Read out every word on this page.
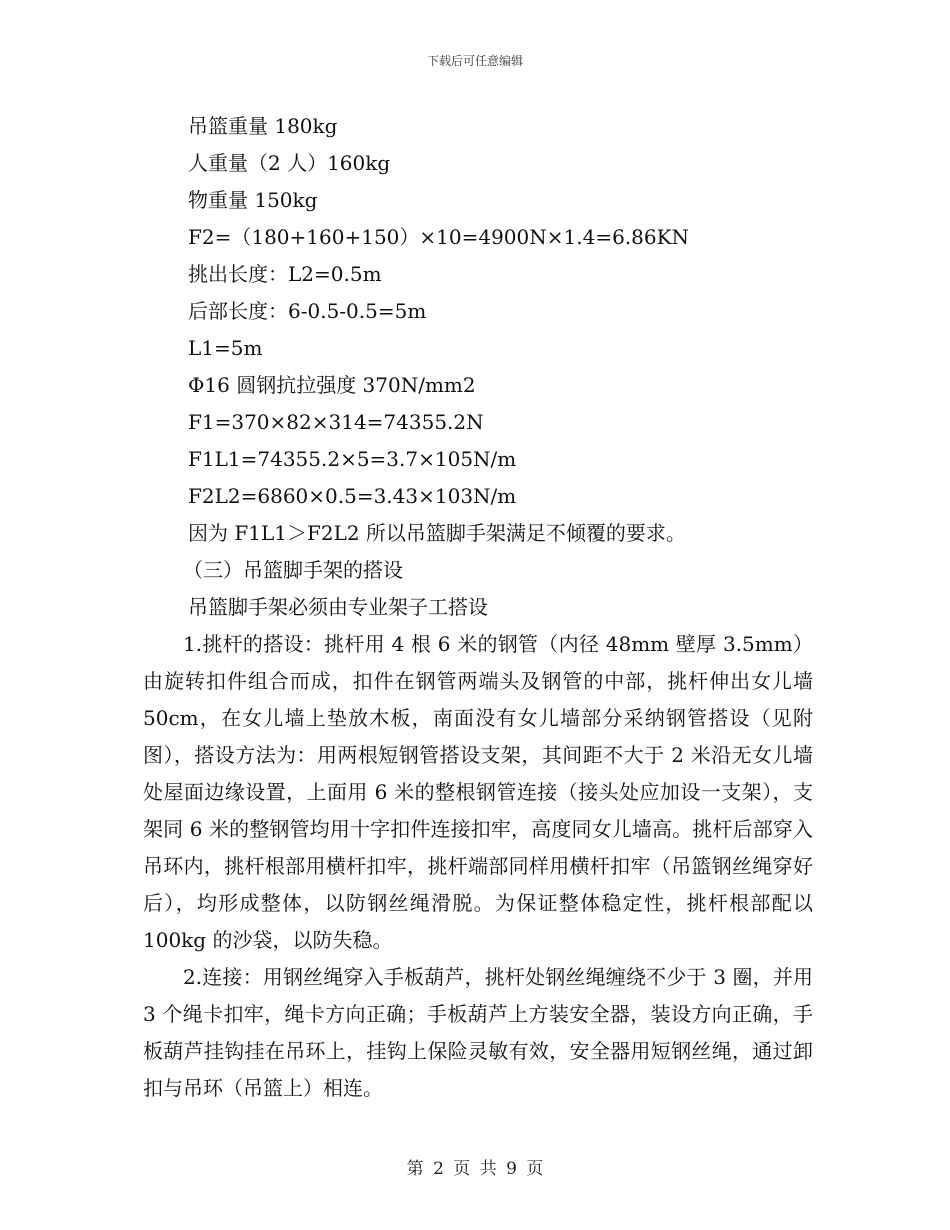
下载后可任意编辑
吊篮重量 180kg
人重量（2 人）160kg
物重量 150kg
F2=（180+160+150）×10=4900N×1.4=6.86KN
挑出长度：L2=0.5m
后部长度：6-0.5-0.5=5m
L1=5m
Φ16 圆钢抗拉强度 370N/mm2
F1=370×82×314=74355.2N
F1L1=74355.2×5=3.7×105N/m
F2L2=6860×0.5=3.43×103N/m
因为 F1L1＞F2L2 所以吊篮脚手架满足不倾覆的要求。
（三）吊篮脚手架的搭设
吊篮脚手架必须由专业架子工搭设

1.挑杆的搭设：挑杆用 4 根 6 米的钢管（内径 48mm 壁厚 3.5mm）由旋转扣件组合而成，扣件在钢管两端头及钢管的中部，挑杆伸出女儿墙 50cm，在女儿墙上垫放木板，南面没有女儿墙部分采纳钢管搭设（见附图），搭设方法为：用两根短钢管搭设支架，其间距不大于 2 米沿无女儿墙处屋面边缘设置，上面用 6 米的整根钢管连接（接头处应加设一支架），支架同 6 米的整钢管均用十字扣件连接扣牢，高度同女儿墙高。挑杆后部穿入吊环内，挑杆根部用横杆扣牢，挑杆端部同样用横杆扣牢（吊篮钢丝绳穿好后），均形成整体，以防钢丝绳滑脱。为保证整体稳定性，挑杆根部配以 100kg 的沙袋，以防失稳。

2.连接：用钢丝绳穿入手板葫芦，挑杆处钢丝绳缠绕不少于 3 圈，并用 3 个绳卡扣牢，绳卡方向正确；手板葫芦上方装安全器，装设方向正确，手板葫芦挂钩挂在吊环上，挂钩上保险灵敏有效，安全器用短钢丝绳，通过卸扣与吊环（吊篮上）相连。

第 2 页 共 9 页
